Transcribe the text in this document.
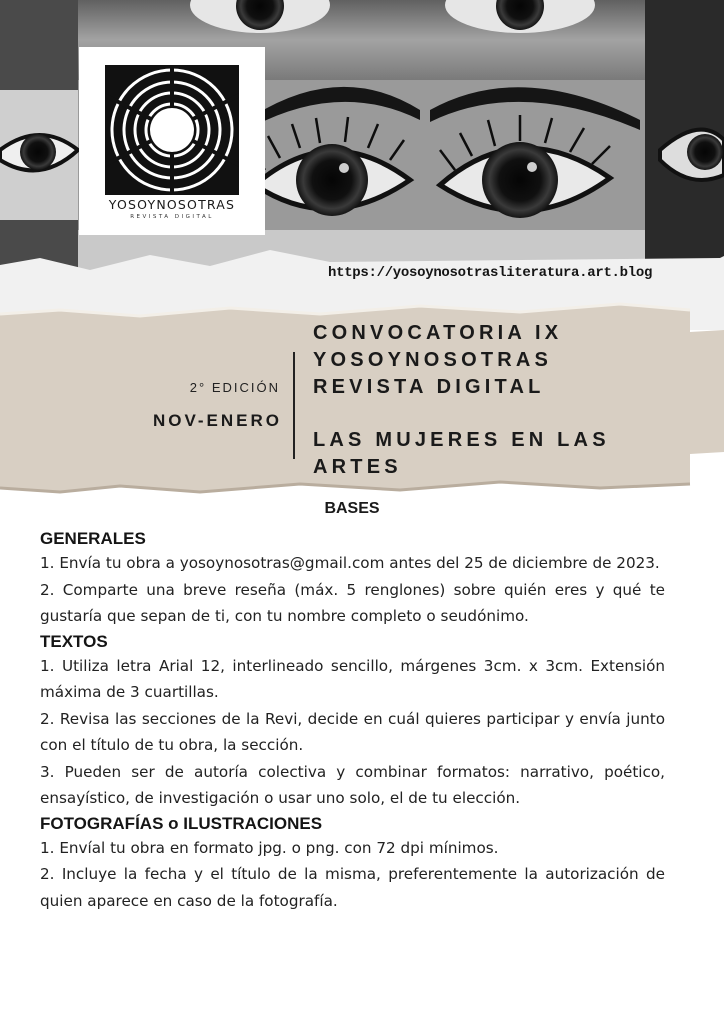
YOSOYNOSOTRAS
REVISTA DIGITAL
https://yosoynosotrasliteratura.art.blog
2° EDICIÓN
NOV-ENERO
CONVOCATORIA IX
YOSOYNOSOTRAS
REVISTA DIGITAL
LAS MUJERES EN LAS
ARTES
BASES
GENERALES

1. Envía tu obra a yosoynosotras@gmail.com antes del 25 de diciembre de 2023.

2. Comparte una breve reseña (máx. 5 renglones) sobre quién eres y qué te gustaría que sepan de ti, con tu nombre completo o seudónimo.

TEXTOS

1. Utiliza letra Arial 12, interlineado sencillo, márgenes 3cm. x 3cm. Extensión máxima de 3 cuartillas.

2. Revisa las secciones de la Revi, decide en cuál quieres participar y envía junto con el título de tu obra, la sección.

3. Pueden ser de autoría colectiva y combinar formatos: narrativo, poético, ensayístico, de investigación o usar uno solo, el de tu elección.

FOTOGRAFÍAS o ILUSTRACIONES

1. Envíal tu obra en formato jpg. o png. con 72 dpi mínimos.

2. Incluye la fecha y el título de la misma, preferentemente la autorización de quien aparece en caso de la fotografía.
